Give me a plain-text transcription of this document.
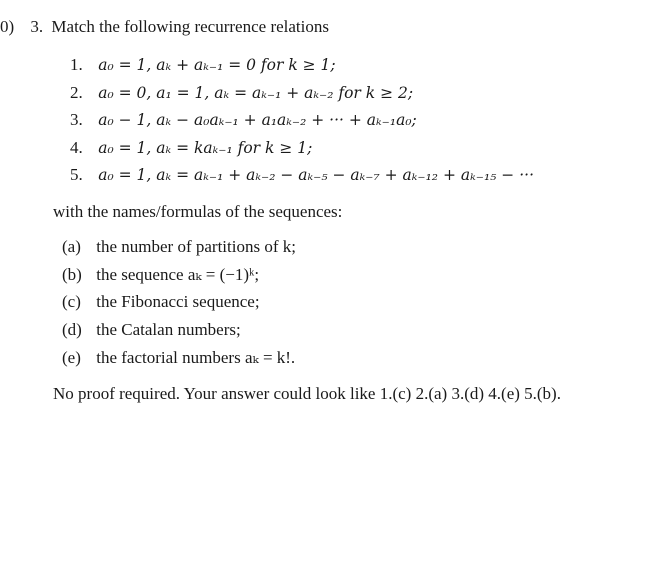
0) 3. Match the following recurrence relations
1. a₀ = 1, aₖ + aₖ₋₁ = 0 for k ≥ 1;
2. a₀ = 0, a₁ = 1, aₖ = aₖ₋₁ + aₖ₋₂ for k ≥ 2;
3. a₀ − 1, aₖ − a₀aₖ₋₁ + a₁aₖ₋₂ + ··· + aₖ₋₁a₀;
4. a₀ = 1, aₖ = kaₖ₋₁ for k ≥ 1;
5. a₀ = 1, aₖ = aₖ₋₁ + aₖ₋₂ − aₖ₋₅ − aₖ₋₇ + aₖ₋₁₂ + aₖ₋₁₅ − ···
with the names/formulas of the sequences:
(a) the number of partitions of k;
(b) the sequence aₖ = (−1)ᵏ;
(c) the Fibonacci sequence;
(d) the Catalan numbers;
(e) the factorial numbers aₖ = k!.
No proof required. Your answer could look like 1.(c) 2.(a) 3.(d) 4.(e) 5.(b).
